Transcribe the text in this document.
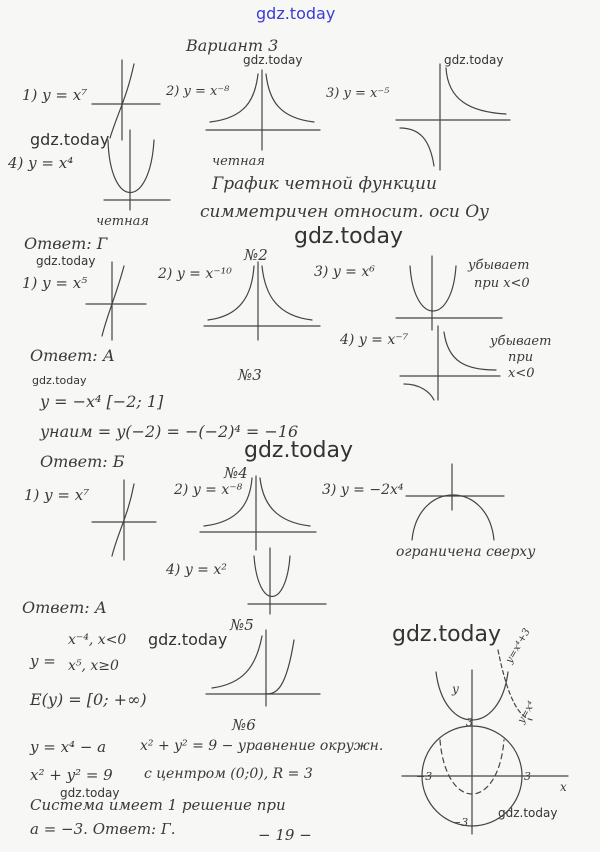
gdz.today
gdz.today	gdz.today
gdz.today
gdz.today
gdz.today
gdz.today
gdz.today
gdz.today	gdz.today
gdz.today
gdz.today
Вариант 3
1) y = x⁷	2) y = x⁻⁸	3) y = x⁻⁵
4) y = x⁴	четная
четная
График четной функции
симметричен относит. оси Oy
Ответ: Г
№2
1) y = x⁵	2) y = x⁻¹⁰	3) y = x⁶
4) y = x⁻⁷
убывает
при x<0
убывает
при
x<0
Ответ: А
№3
y = −x⁴ [−2; 1]
yнаим = y(−2) = −(−2)⁴ = −16
Ответ: Б
№4
1) y = x⁷	2) y = x⁻⁸	3) y = −2x⁴
4) y = x²
ограничена сверху
Ответ: А
№5
y =
x⁻⁴, x<0
x⁵, x≥0
E(y) = [0; +∞)
№6
y = x⁴ − a
x² + y² = 9
x² + y² = 9 − уравнение окружн.
с центром (0;0), R = 3
Система имеет 1 решение при
a = −3. Ответ: Г.
3
−3	3
−3
x
y
y=x⁴+3
y=x⁴
− 19 −
